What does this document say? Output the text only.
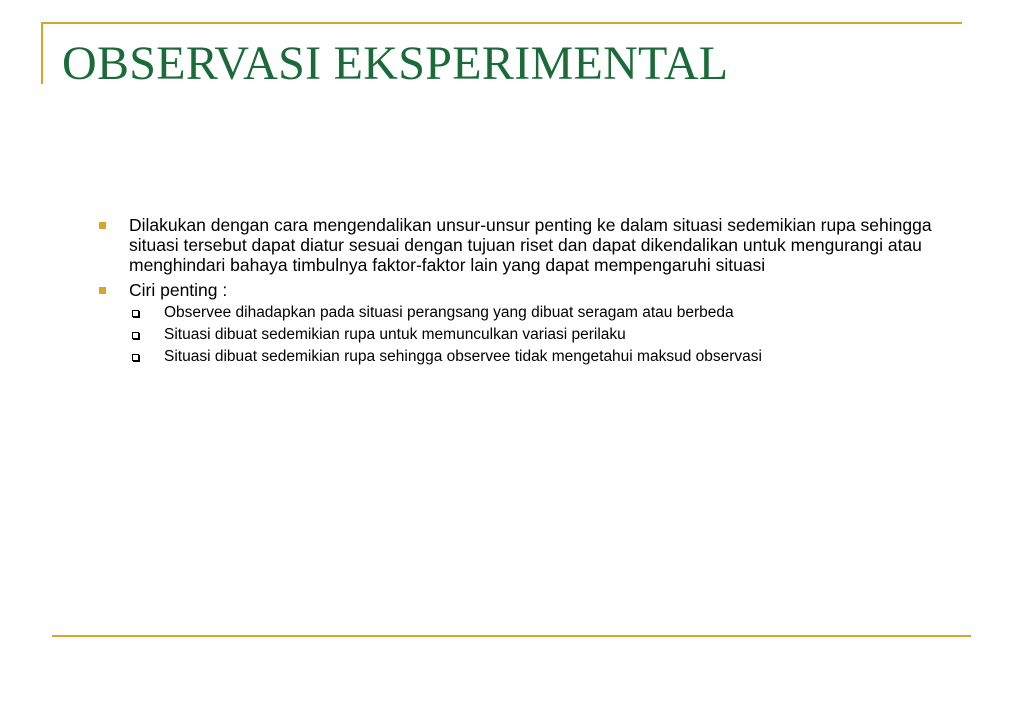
OBSERVASI EKSPERIMENTAL
Dilakukan dengan cara mengendalikan unsur-unsur penting ke dalam situasi sedemikian rupa sehingga situasi tersebut dapat diatur sesuai dengan tujuan riset dan dapat dikendalikan untuk mengurangi atau menghindari bahaya timbulnya faktor-faktor lain yang dapat mempengaruhi situasi
Ciri penting :
Observee dihadapkan pada situasi perangsang yang dibuat seragam atau berbeda
Situasi dibuat sedemikian rupa untuk memunculkan variasi perilaku
Situasi dibuat sedemikian rupa sehingga observee tidak mengetahui maksud observasi
